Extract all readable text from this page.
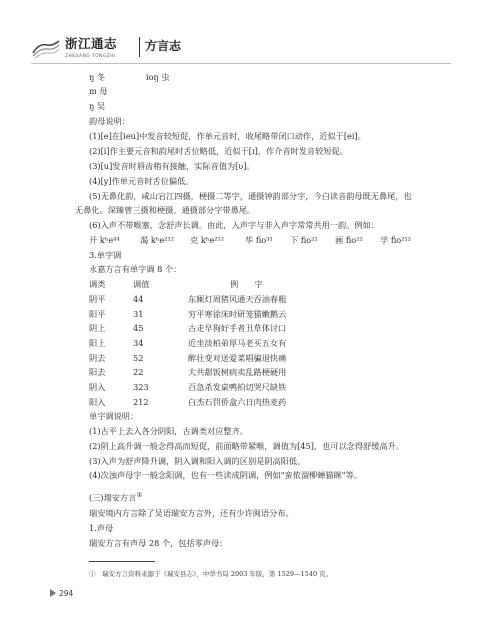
浙江通志
ZHEJIANG TONGZHI
方言志
ŋ 冬	ioŋ 虫
m 母
ŋ 吴
韵母说明：
(1)[e]在[ieu]中发音较短促，作单元音时，收尾略带闭口动作，近似于[ei]。
(2)[i]作主要元音和韵尾时舌位略低，近似于[ɪ]，作介音时发音较短促。
(3)[u]发音时唇齿稍有接触，实际音值为[ʋ]。
(4)[y]作单元音时舌位偏低。
(5)无鼻化韵，咸山宕江四摄，梗摄二等字，通摄钟韵部分字，今白读音韵母既无鼻尾，也
无鼻化。深臻曾三摄和梗摄、通摄部分字带鼻尾。
(6)入声不带喉塞，念舒声长调。由此，入声字与非入声字常常共用一韵。例如：
开 kʰe⁴⁴ 渴 kʰe²¹² 克 kʰe²¹²	华 fio³¹ 下 fio²² 画 fio²² 学 fio²¹²
3.单字调
永嘉方言有单字调 8 个：
调类	调值	例　　字
阴平	44	东厮灯周猪风通天吞油春粗
阳平	31	穷平寒徐床时研笼猫嫩鹅云
阴上	45	古走早狗好手者丑草体讨口
阳上	34	近坐淡柏弟厚马老买五女有
阴去	52	醉壮变对送爱菜唱骗退快痛
阳去	22	大共甜饭树病卖乱路梗硬用
阴入	323	百急杀发桌鸭拍切哭尺缺铁
阳入	212	白杰石罚侨盒六日肉热麦药
单字调说明：
(1)古平上去入各分阴阳，古调类对应整齐。
(2)阴上高升调一般念得高而短促，前面略带紧喉，调值为[45]，也可以念得舒缓高升。
(3)入声为舒声降升调，阴入调和阳入调的区别是阴高阳低。
(4)次浊声母字一般念阳调，也有一些读成阴调，例如"蛮侬溜柳蝉猫眯"等。
(三)瑞安方言①
瑞安境内方言除了吴语瑞安方言外，还有少许闽语分布。
1.声母
瑞安方言有声母 28 个，包括零声母：
①　瑞安方言资料来源于《瑞安县志》，中华书局 2003 年版，第 1529—1540 页。
294
